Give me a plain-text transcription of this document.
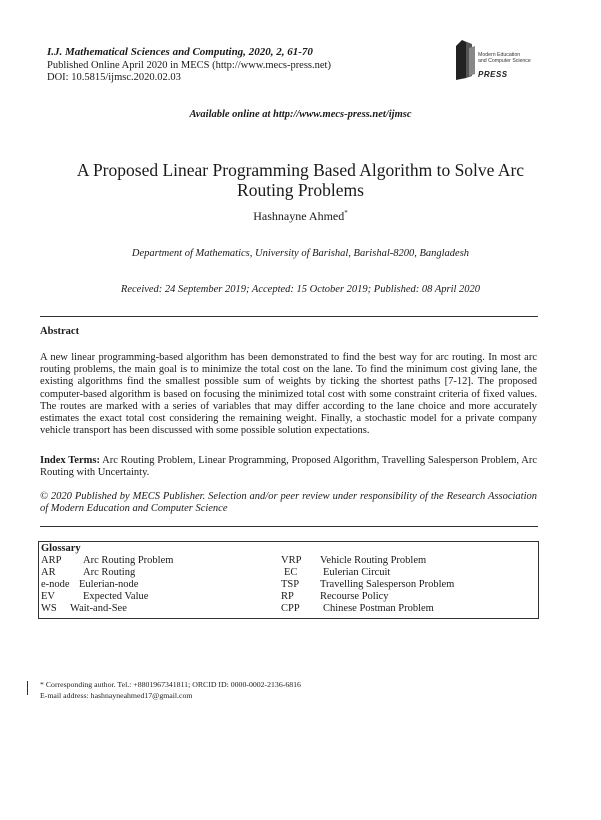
I.J. Mathematical Sciences and Computing, 2020, 2, 61-70
Published Online April 2020 in MECS (http://www.mecs-press.net)
DOI: 10.5815/ijmsc.2020.02.03
Modern Education
and Computer Science
PRESS
Available online at http://www.mecs-press.net/ijmsc
A Proposed Linear Programming Based Algorithm to Solve Arc
Routing Problems
Hashnayne Ahmed*
Department of Mathematics, University of Barishal, Barishal-8200, Bangladesh
Received: 24 September 2019; Accepted: 15 October 2019; Published: 08 April 2020
Abstract
A new linear programming-based algorithm has been demonstrated to find the best way for arc routing. In most arc routing problems, the main goal is to minimize the total cost on the lane. To find the minimum cost giving lane, the existing algorithms find the smallest possible sum of weights by ticking the shortest paths [7-12]. The proposed computer-based algorithm is based on focusing the minimized total cost with some constraint criteria of fixed values. The routes are marked with a series of variables that may differ according to the lane choice and more accurately estimates the exact total cost considering the remaining weight. Finally, a stochastic model for a private company vehicle transport has been discussed with some possible solution expectations.
Index Terms: Arc Routing Problem, Linear Programming, Proposed Algorithm, Travelling Salesperson Problem, Arc Routing with Uncertainty.
© 2020 Published by MECS Publisher. Selection and/or peer review under responsibility of the Research Association of Modern Education and Computer Science
Glossary
ARP Arc Routing Problem
AR	Arc Routing
e-node Eulerian-node
EV	Expected Value
WS Wait-and-See
VRP Vehicle Routing Problem
EC Eulerian Circuit
TSP Travelling Salesperson Problem
RP Recourse Policy
CPP Chinese Postman Problem
* Corresponding author. Tel.: +8801967341811; ORCID ID: 0000-0002-2136-6816
E-mail address: hashnayneahmed17@gmail.com
